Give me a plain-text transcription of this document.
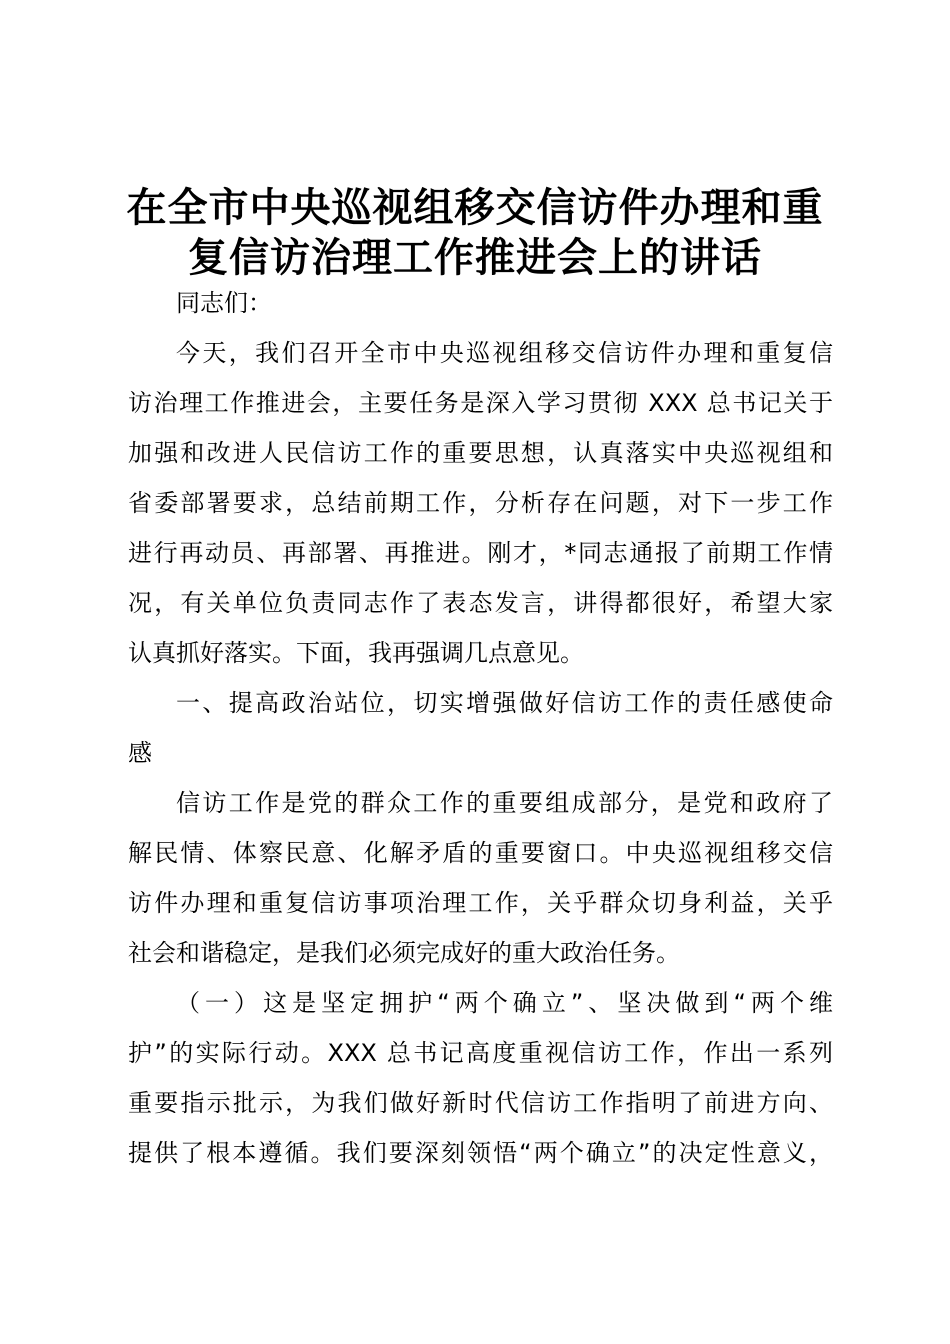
在全市中央巡视组移交信访件办理和重
复信访治理工作推进会上的讲话
同志们：
今天，我们召开全市中央巡视组移交信访件办理和重复信
访治理工作推进会，主要任务是深入学习贯彻 XXX 总书记关于
加强和改进人民信访工作的重要思想，认真落实中央巡视组和
省委部署要求，总结前期工作，分析存在问题，对下一步工作
进行再动员、再部署、再推进。刚才，*同志通报了前期工作情
况，有关单位负责同志作了表态发言，讲得都很好，希望大家
认真抓好落实。下面，我再强调几点意见。
一、提高政治站位，切实增强做好信访工作的责任感使命
感
信访工作是党的群众工作的重要组成部分，是党和政府了
解民情、体察民意、化解矛盾的重要窗口。中央巡视组移交信
访件办理和重复信访事项治理工作，关乎群众切身利益，关乎
社会和谐稳定，是我们必须完成好的重大政治任务。
（一）这是坚定拥护“两个确立”、坚决做到“两个维
护”的实际行动。XXX 总书记高度重视信访工作，作出一系列
重要指示批示，为我们做好新时代信访工作指明了前进方向、
提供了根本遵循。我们要深刻领悟“两个确立”的决定性意义，
